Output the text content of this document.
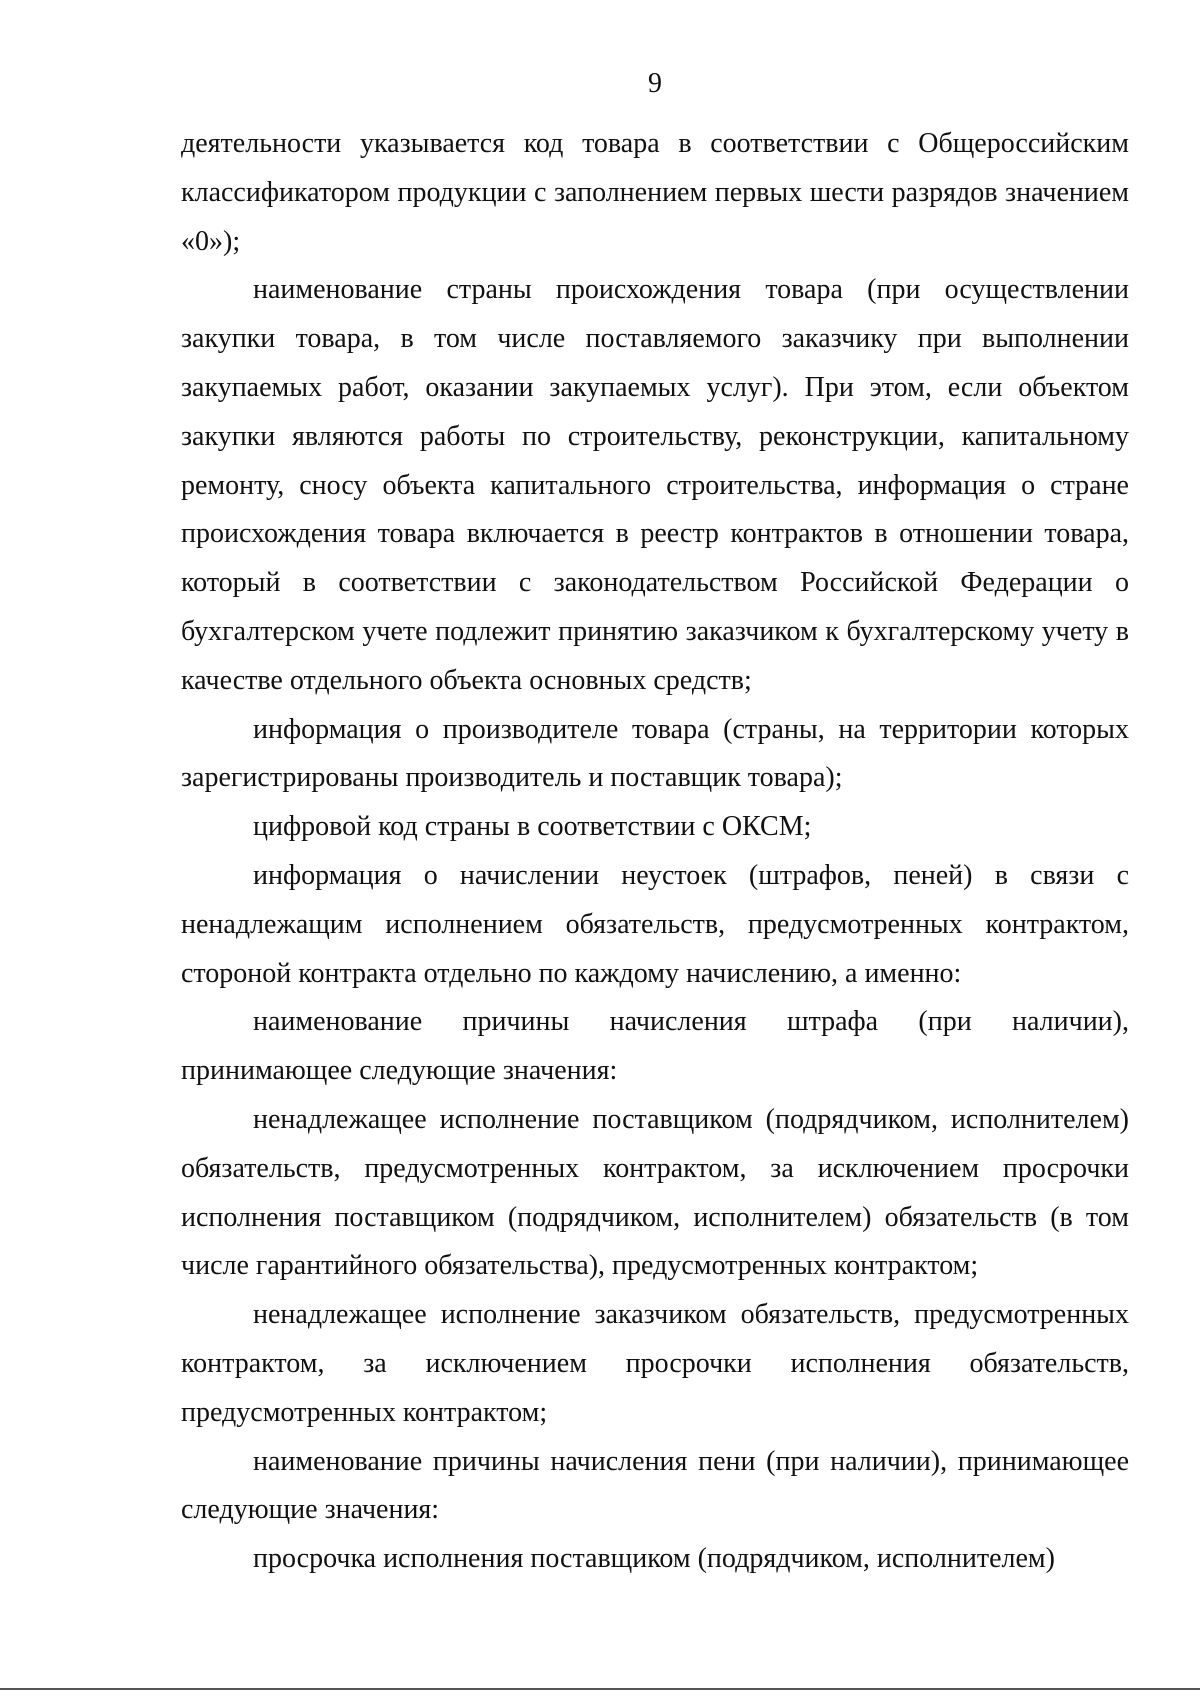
9

деятельности указывается код товара в соответствии с Общероссийским классификатором продукции с заполнением первых шести разрядов значением «0»);

наименование страны происхождения товара (при осуществлении закупки товара, в том числе поставляемого заказчику при выполнении закупаемых работ, оказании закупаемых услуг). При этом, если объектом закупки являются работы по строительству, реконструкции, капитальному ремонту, сносу объекта капитального строительства, информация о стране происхождения товара включается в реестр контрактов в отношении товара, который в соответствии с законодательством Российской Федерации о бухгалтерском учете подлежит принятию заказчиком к бухгалтерскому учету в качестве отдельного объекта основных средств;

информация о производителе товара (страны, на территории которых зарегистрированы производитель и поставщик товара);

цифровой код страны в соответствии с ОКСМ;

информация о начислении неустоек (штрафов, пеней) в связи с ненадлежащим исполнением обязательств, предусмотренных контрактом, стороной контракта отдельно по каждому начислению, а именно:

наименование причины начисления штрафа (при наличии), принимающее следующие значения:

ненадлежащее исполнение поставщиком (подрядчиком, исполнителем) обязательств, предусмотренных контрактом, за исключением просрочки исполнения поставщиком (подрядчиком, исполнителем) обязательств (в том числе гарантийного обязательства), предусмотренных контрактом;

ненадлежащее исполнение заказчиком обязательств, предусмотренных контрактом, за исключением просрочки исполнения обязательств, предусмотренных контрактом;

наименование причины начисления пени (при наличии), принимающее следующие значения:

просрочка исполнения поставщиком (подрядчиком, исполнителем)
